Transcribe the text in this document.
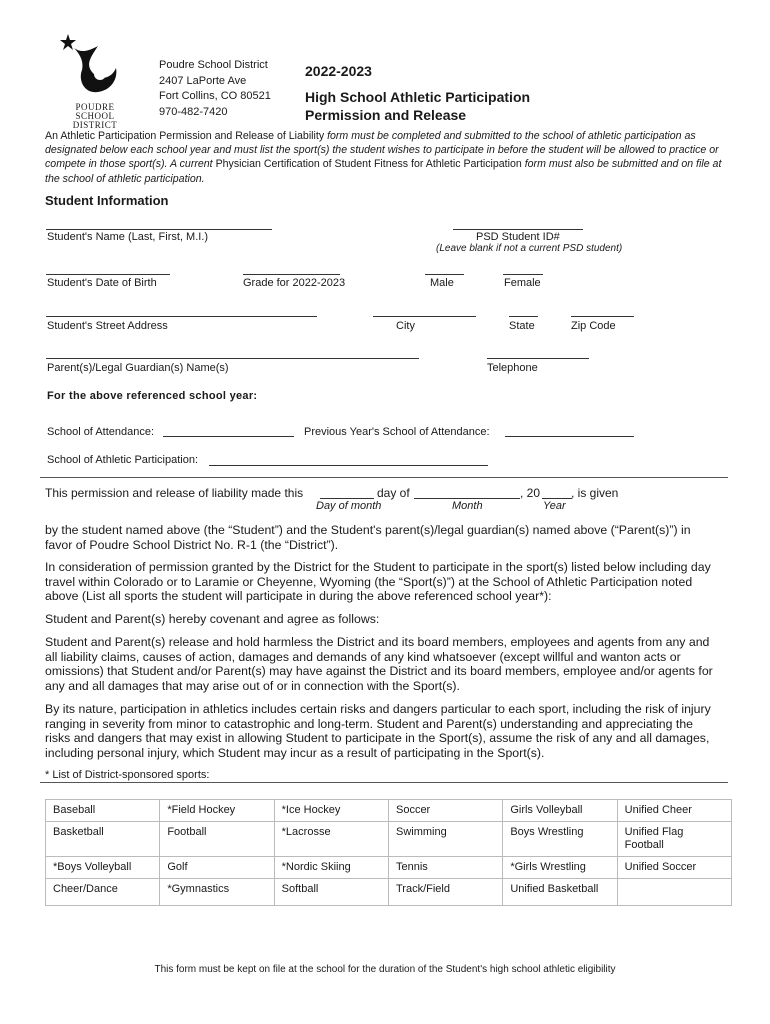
POUDRE SCHOOL DISTRICT
Poudre School District
2407 LaPorte Ave
Fort Collins, CO 80521
970-482-7420
2022-2023
High School Athletic Participation
Permission and Release
An Athletic Participation Permission and Release of Liability form must be completed and submitted to the school of athletic participation as designated below each school year and must list the sport(s) the student wishes to participate in before the student will be allowed to practice or compete in those sport(s). A current Physician Certification of Student Fitness for Athletic Participation form must also be submitted and on file at the school of athletic participation.
Student Information
Student's Name (Last, First, M.I.)	PSD Student ID#
(Leave blank if not a current PSD student)
Student's Date of Birth	Grade for 2022-2023	Male	Female
Student's Street Address	City	State	Zip Code
Parent(s)/Legal Guardian(s) Name(s)	Telephone
For the above referenced school year:
School of Attendance:	Previous Year's School of Attendance:
School of Athletic Participation:
This permission and release of liability made this	day of	, 20	, is given
Day of month	Month	Year
by the student named above (the “Student”) and the Student's parent(s)/legal guardian(s) named above (“Parent(s)”) in favor of Poudre School District No. R-1 (the “District”).
In consideration of permission granted by the District for the Student to participate in the sport(s) listed below including day travel within Colorado or to Laramie or Cheyenne, Wyoming (the “Sport(s)”) at the School of Athletic Participation noted above (List all sports the student will participate in during the above referenced school year*):
Student and Parent(s) hereby covenant and agree as follows:
Student and Parent(s) release and hold harmless the District and its board members, employees and agents from any and all liability claims, causes of action, damages and demands of any kind whatsoever (except willful and wanton acts or omissions) that Student and/or Parent(s) may have against the District and its board members, employee and/or agents for any and all damages that may arise out of or in connection with the Sport(s).
By its nature, participation in athletics includes certain risks and dangers particular to each sport, including the risk of injury ranging in severity from minor to catastrophic and long-term. Student and Parent(s) understanding and appreciating the risks and dangers that may exist in allowing Student to participate in the Sport(s), assume the risk of any and all damages, including personal injury, which Student may incur as a result of participating in the Sport(s).
* List of District-sponsored sports:
Baseball	*Field Hockey	*Ice Hockey	Soccer	Girls Volleyball	Unified Cheer
Basketball	Football	*Lacrosse	Swimming	Boys Wrestling	Unified Flag Football
*Boys Volleyball	Golf	*Nordic Skiing	Tennis	*Girls Wrestling	Unified Soccer
Cheer/Dance	*Gymnastics	Softball	Track/Field	Unified Basketball	
This form must be kept on file at the school for the duration of the Student's high school athletic eligibility
